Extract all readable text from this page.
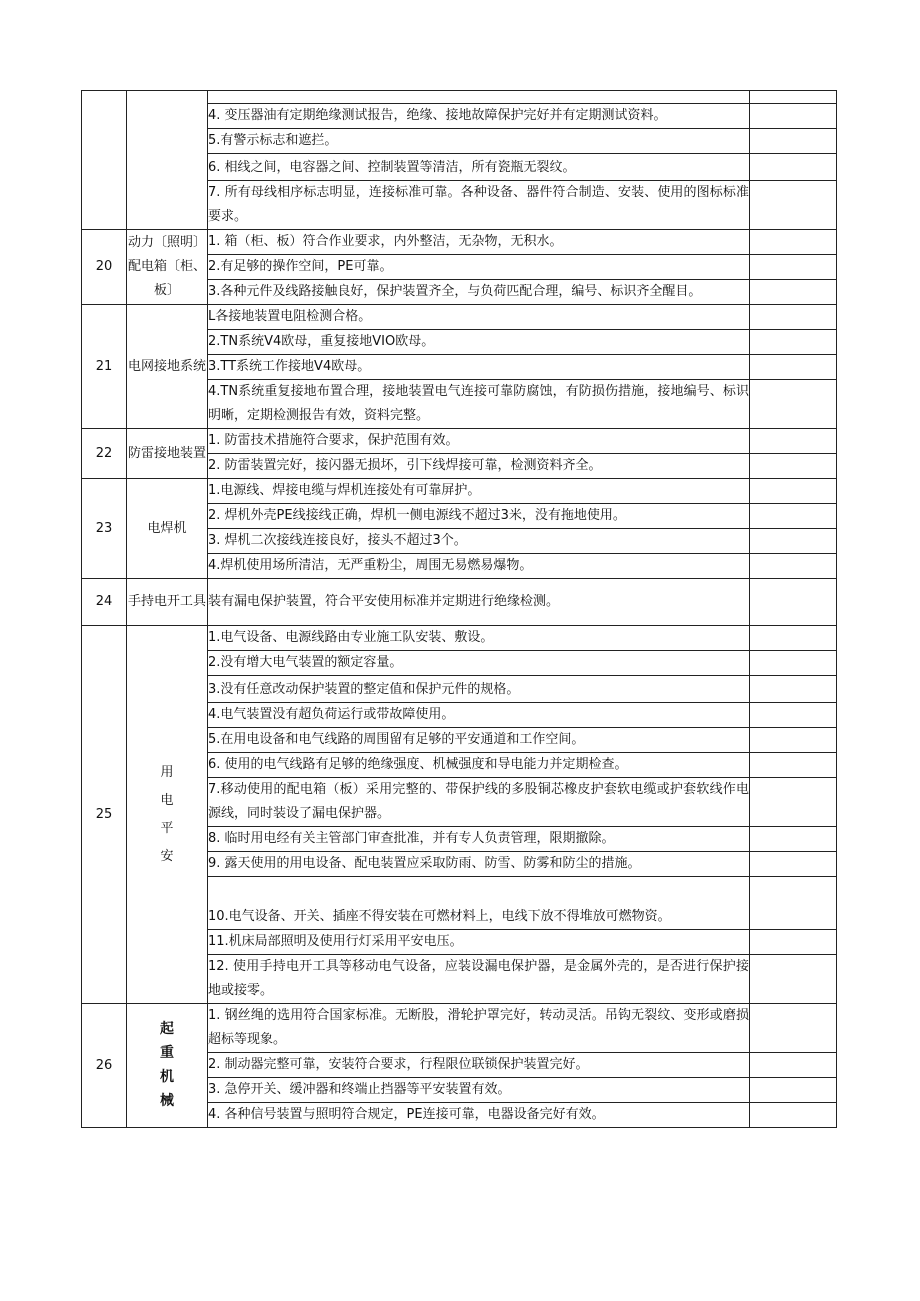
		4. 变压器油有定期绝缘测试报告，绝缘、接地故障保护完好并有定期测试资料。	
		5.有警示标志和遮拦。	
		6. 相线之间，电容器之间、控制装置等清洁，所有瓷瓶无裂纹。	
		7. 所有母线相序标志明显，连接标准可靠。各种设备、器件符合制造、安装、使用的图标标准要求。	
20	动力〔照明〕配电箱〔柜、板〕	1. 箱（柜、板）符合作业要求，内外整洁，无杂物，无积水。	
		2.有足够的操作空间，PE可靠。	
		3.各种元件及线路接触良好，保护装置齐全，与负荷匹配合理，编号、标识齐全醒目。	
21	电网接地系统	L各接地装置电阻检测合格。	
		2.TN系统V4欧母，重复接地VIO欧母。	
		3.TT系统工作接地V4欧母。	
		4.TN系统重复接地布置合理，接地装置电气连接可靠防腐蚀，有防损伤措施，接地编号、标识明晰，定期检测报告有效，资料完整。	
22	防雷接地装置	1. 防雷技术措施符合要求，保护范围有效。	
		2. 防雷装置完好，接闪器无损坏，引下线焊接可靠，检测资料齐全。	
23	电焊机	1.电源线、焊接电缆与焊机连接处有可靠屏护。	
		2. 焊机外壳PE线接线正确，焊机一侧电源线不超过3米，没有拖地使用。	
		3. 焊机二次接线连接良好，接头不超过3个。	
		4.焊机使用场所清洁，无严重粉尘，周围无易燃易爆物。	
24	手持电开工具	装有漏电保护装置，符合平安使用标准并定期进行绝缘检测。	
25	用
电
平
安	1.电气设备、电源线路由专业施工队安装、敷设。	
		2.没有增大电气装置的额定容量。	
		3.没有任意改动保护装置的整定值和保护元件的规格。	
		4.电气装置没有超负荷运行或带故障使用。	
		5.在用电设备和电气线路的周围留有足够的平安通道和工作空间。	
		6. 使用的电气线路有足够的绝缘强度、机械强度和导电能力并定期检查。	
		7.移动使用的配电箱（板）采用完整的、带保护线的多股铜芯橡皮护套软电缆或护套软线作电源线，同时装设了漏电保护器。	
		8. 临时用电经有关主管部门审查批准，并有专人负责管理，限期撤除。	
		9. 露天使用的用电设备、配电装置应采取防雨、防雪、防雾和防尘的措施。	
		10.电气设备、开关、插座不得安装在可燃材料上，电线下放不得堆放可燃物资。	
		11.机床局部照明及使用行灯采用平安电压。	
		12. 使用手持电开工具等移动电气设备，应装设漏电保护器，是金属外壳的，是否进行保护接地或接零。	
26	起
重
机
械	1. 钢丝绳的选用符合国家标准。无断股，滑轮护罩完好，转动灵活。吊钩无裂纹、变形或磨损超标等现象。	
		2. 制动器完整可靠，安装符合要求，行程限位联锁保护装置完好。	
		3. 急停开关、缓冲器和终端止挡器等平安装置有效。	
		4. 各种信号装置与照明符合规定，PE连接可靠，电器设备完好有效。	
